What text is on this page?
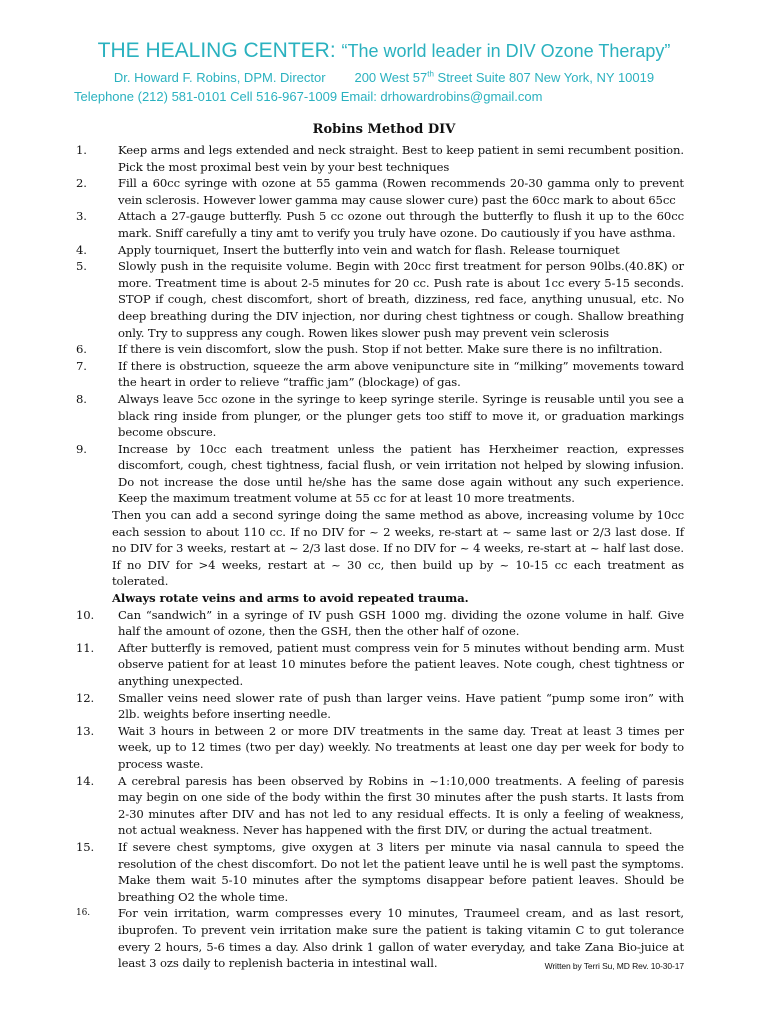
THE HEALING CENTER: “The world leader in DIV Ozone Therapy”
Dr. Howard F. Robins, DPM. Director 200 West 57th Street Suite 807 New York, NY 10019
Telephone (212) 581-0101 Cell 516-967-1009 Email: drhowardrobins@gmail.com
Robins Method DIV
1.	Keep arms and legs extended and neck straight. Best to keep patient in semi recumbent position. Pick the most proximal best vein by your best techniques
2.	Fill a 60cc syringe with ozone at 55 gamma (Rowen recommends 20-30 gamma only to prevent vein sclerosis. However lower gamma may cause slower cure) past the 60cc mark to about 65cc
3.	Attach a 27-gauge butterfly. Push 5 cc ozone out through the butterfly to flush it up to the 60cc mark. Sniff carefully a tiny amt to verify you truly have ozone. Do cautiously if you have asthma.
4.	Apply tourniquet, Insert the butterfly into vein and watch for flash. Release tourniquet
5.	Slowly push in the requisite volume. Begin with 20cc first treatment for person 90lbs.(40.8K) or more. Treatment time is about 2-5 minutes for 20 cc. Push rate is about 1cc every 5-15 seconds. STOP if cough, chest discomfort, short of breath, dizziness, red face, anything unusual, etc. No deep breathing during the DIV injection, nor during chest tightness or cough. Shallow breathing only. Try to suppress any cough. Rowen likes slower push may prevent vein sclerosis
6.	If there is vein discomfort, slow the push. Stop if not better. Make sure there is no infiltration.
7.	If there is obstruction, squeeze the arm above venipuncture site in “milking” movements toward the heart in order to relieve “traffic jam” (blockage) of gas.
8.	Always leave 5cc ozone in the syringe to keep syringe sterile. Syringe is reusable until you see a black ring inside from plunger, or the plunger gets too stiff to move it, or graduation markings become obscure.
9.	Increase by 10cc each treatment unless the patient has Herxheimer reaction, expresses discomfort, cough, chest tightness, facial flush, or vein irritation not helped by slowing infusion. Do not increase the dose until he/she has the same dose again without any such experience. Keep the maximum treatment volume at 55 cc for at least 10 more treatments.
Then you can add a second syringe doing the same method as above, increasing volume by 10cc each session to about 110 cc. If no DIV for ~ 2 weeks, re-start at ~ same last or 2/3 last dose. If no DIV for 3 weeks, restart at ~ 2/3 last dose. If no DIV for ~ 4 weeks, re-start at ~ half last dose. If no DIV for >4 weeks, restart at ~ 30 cc, then build up by ~ 10-15 cc each treatment as tolerated.
Always rotate veins and arms to avoid repeated trauma.
10.	Can “sandwich” in a syringe of IV push GSH 1000 mg. dividing the ozone volume in half. Give half the amount of ozone, then the GSH, then the other half of ozone.
11.	After butterfly is removed, patient must compress vein for 5 minutes without bending arm. Must observe patient for at least 10 minutes before the patient leaves. Note cough, chest tightness or anything unexpected.
12.	Smaller veins need slower rate of push than larger veins. Have patient “pump some iron” with 2lb. weights before inserting needle.
13.	Wait 3 hours in between 2 or more DIV treatments in the same day. Treat at least 3 times per week, up to 12 times (two per day) weekly. No treatments at least one day per week for body to process waste.
14.	A cerebral paresis has been observed by Robins in ~1:10,000 treatments. A feeling of paresis may begin on one side of the body within the first 30 minutes after the push starts. It lasts from 2-30 minutes after DIV and has not led to any residual effects. It is only a feeling of weakness, not actual weakness. Never has happened with the first DIV, or during the actual treatment.
15.	If severe chest symptoms, give oxygen at 3 liters per minute via nasal cannula to speed the resolution of the chest discomfort. Do not let the patient leave until he is well past the symptoms. Make them wait 5-10 minutes after the symptoms disappear before patient leaves. Should be breathing O2 the whole time.
16.	For vein irritation, warm compresses every 10 minutes, Traumeel cream, and as last resort, ibuprofen. To prevent vein irritation make sure the patient is taking vitamin C to gut tolerance every 2 hours, 5-6 times a day. Also drink 1 gallon of water everyday, and take Zana Bio-juice at least 3 ozs daily to replenish bacteria in intestinal wall.	Written by Terri Su, MD Rev. 10-30-17
